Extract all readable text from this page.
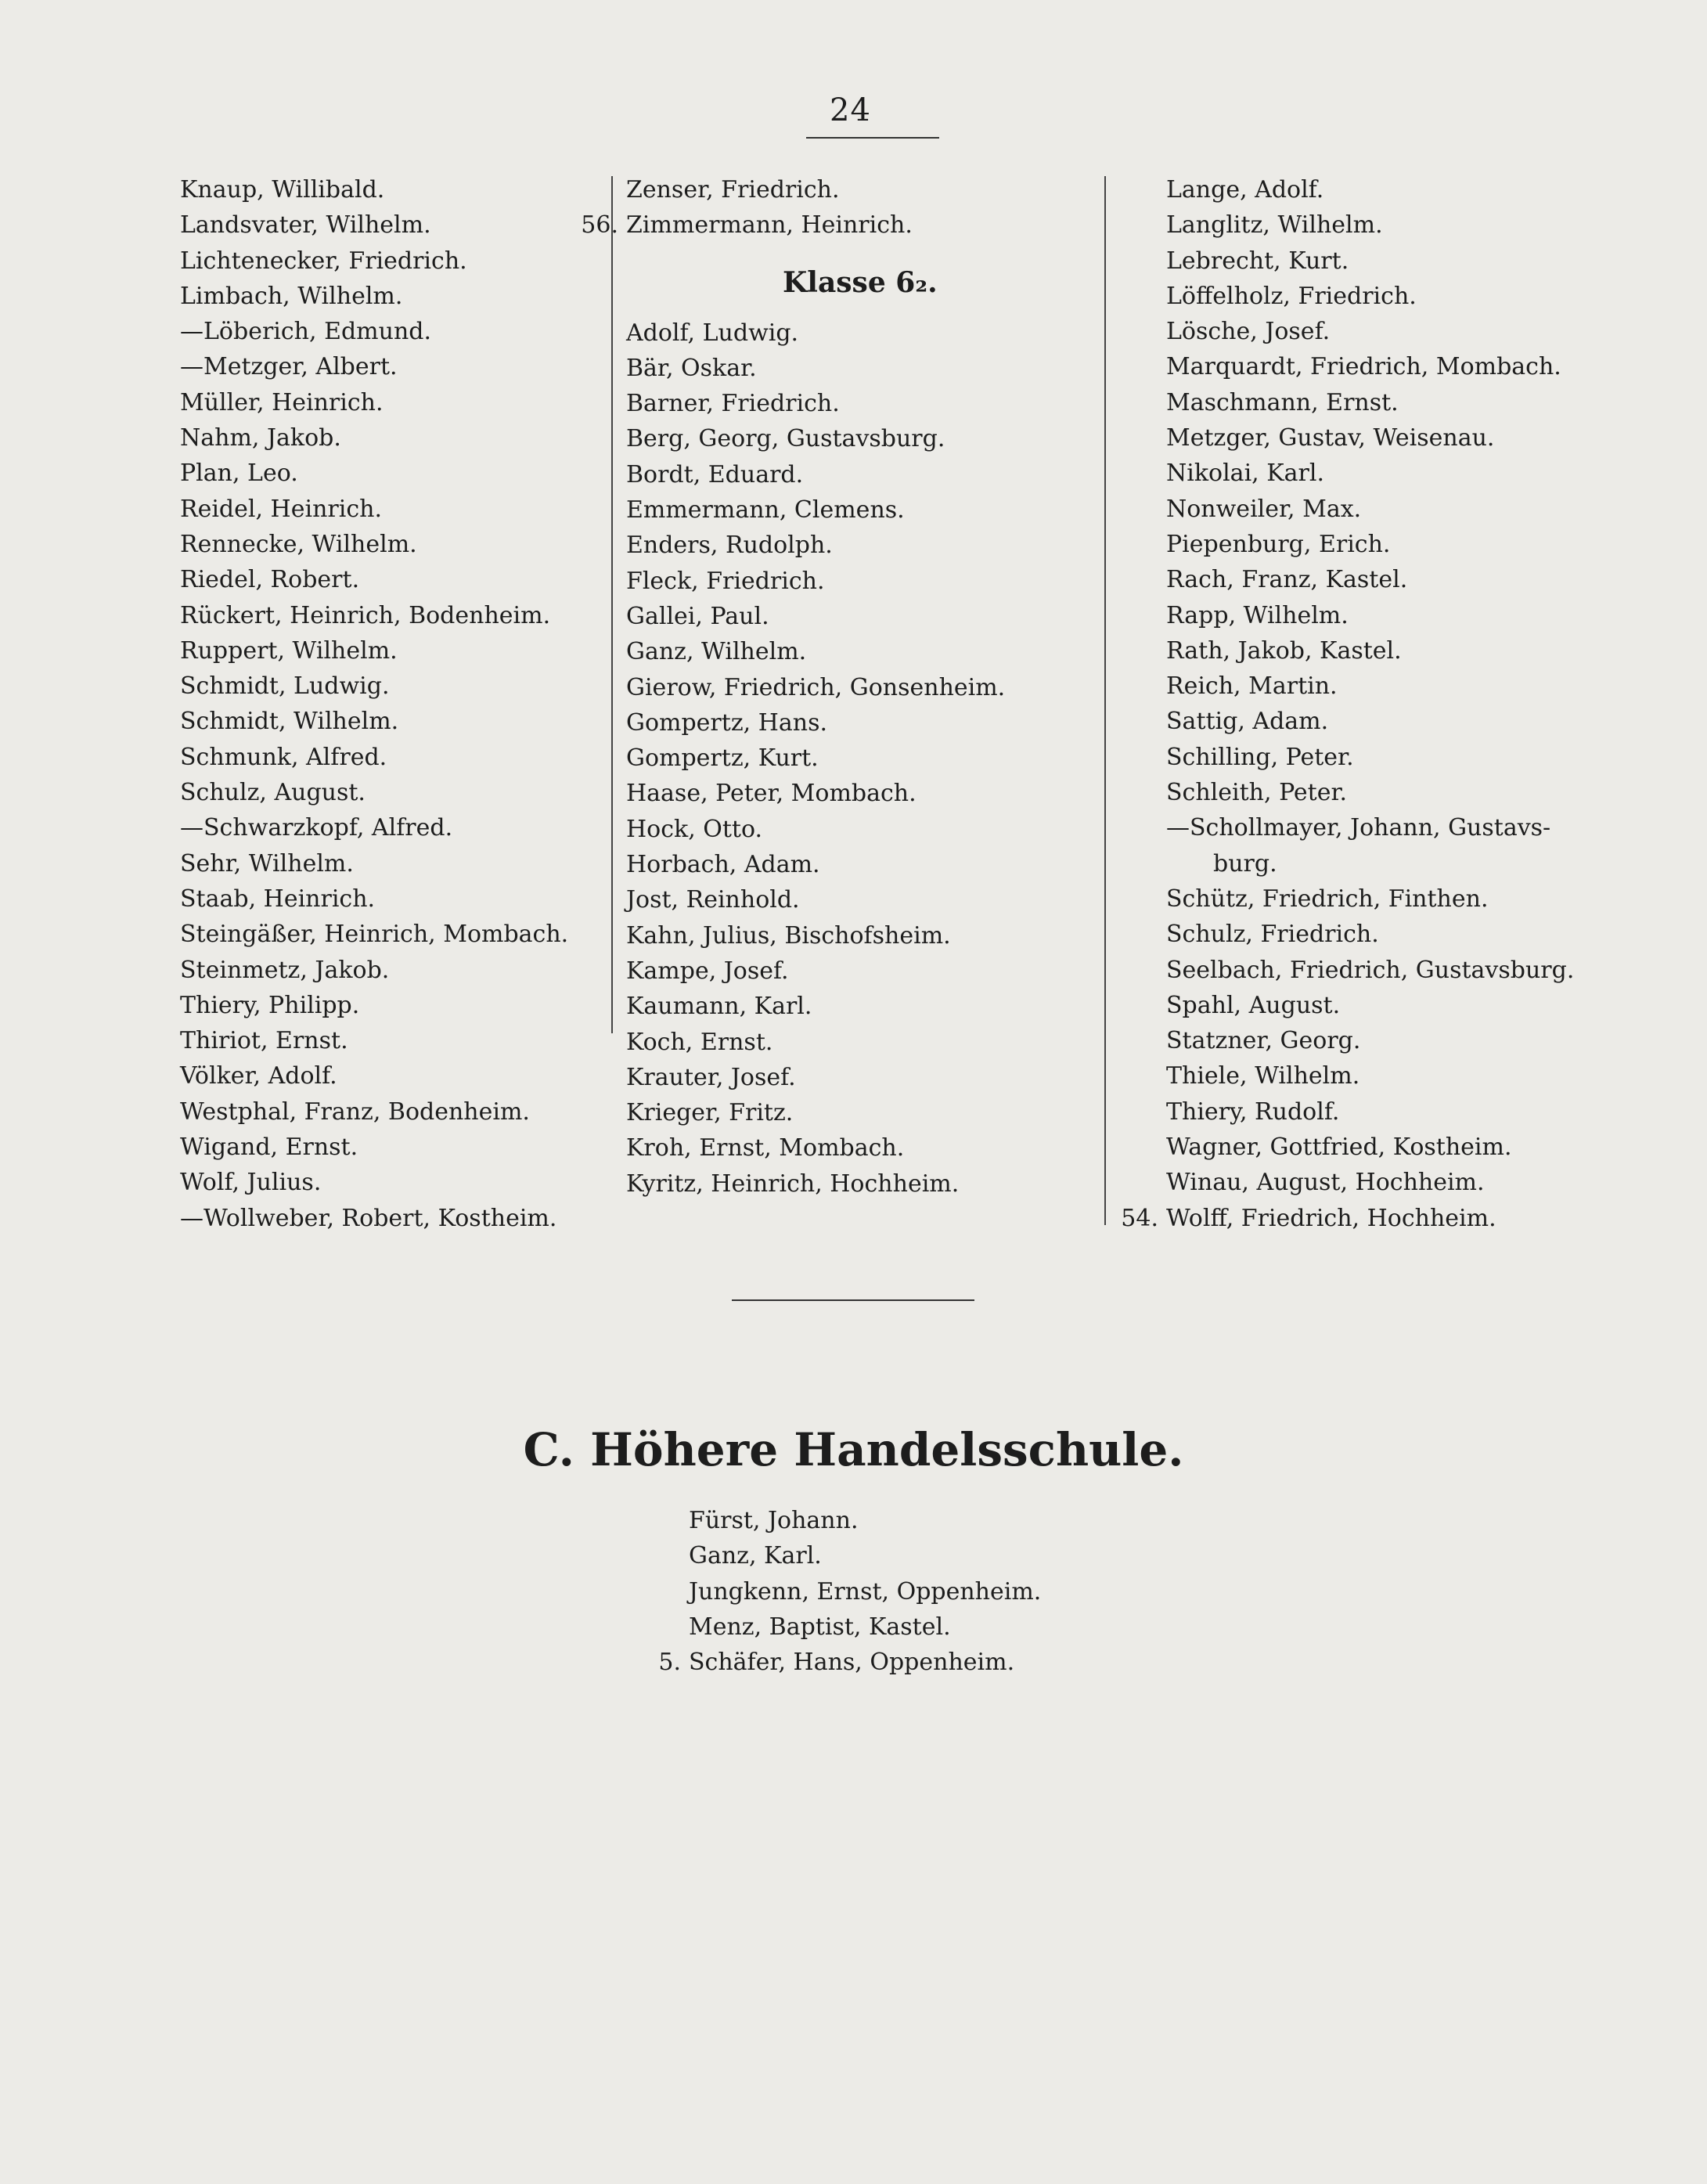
24
Knaup, Willibald.
Landsvater, Wilhelm.
Lichtenecker, Friedrich.
Limbach, Wilhelm.
—Löberich, Edmund.
—Metzger, Albert.
Müller, Heinrich.
Nahm, Jakob.
Plan, Leo.
Reidel, Heinrich.
Rennecke, Wilhelm.
Riedel, Robert.
Rückert, Heinrich, Bodenheim.
Ruppert, Wilhelm.
Schmidt, Ludwig.
Schmidt, Wilhelm.
Schmunk, Alfred.
Schulz, August.
—Schwarzkopf, Alfred.
Sehr, Wilhelm.
Staab, Heinrich.
Steingäßer, Heinrich, Mombach.
Steinmetz, Jakob.
Thiery, Philipp.
Thiriot, Ernst.
Völker, Adolf.
Westphal, Franz, Bodenheim.
Wigand, Ernst.
Wolf, Julius.
—Wollweber, Robert, Kostheim.
Zenser, Friedrich.
56. Zimmermann, Heinrich.
Klasse 6₂.
Adolf, Ludwig.
Bär, Oskar.
Barner, Friedrich.
Berg, Georg, Gustavsburg.
Bordt, Eduard.
Emmermann, Clemens.
Enders, Rudolph.
Fleck, Friedrich.
Gallei, Paul.
Ganz, Wilhelm.
Gierow, Friedrich, Gonsenheim.
Gompertz, Hans.
Gompertz, Kurt.
Haase, Peter, Mombach.
Hock, Otto.
Horbach, Adam.
Jost, Reinhold.
Kahn, Julius, Bischofsheim.
Kampe, Josef.
Kaumann, Karl.
Koch, Ernst.
Krauter, Josef.
Krieger, Fritz.
Kroh, Ernst, Mombach.
Kyritz, Heinrich, Hochheim.
Lange, Adolf.
Langlitz, Wilhelm.
Lebrecht, Kurt.
Löffelholz, Friedrich.
Lösche, Josef.
Marquardt, Friedrich, Mombach.
Maschmann, Ernst.
Metzger, Gustav, Weisenau.
Nikolai, Karl.
Nonweiler, Max.
Piepenburg, Erich.
Rach, Franz, Kastel.
Rapp, Wilhelm.
Rath, Jakob, Kastel.
Reich, Martin.
Sattig, Adam.
Schilling, Peter.
Schleith, Peter.
—Schollmayer, Johann, Gustavs-
burg.
Schütz, Friedrich, Finthen.
Schulz, Friedrich.
Seelbach, Friedrich, Gustavsburg.
Spahl, August.
Statzner, Georg.
Thiele, Wilhelm.
Thiery, Rudolf.
Wagner, Gottfried, Kostheim.
Winau, August, Hochheim.
54. Wolff, Friedrich, Hochheim.
C. Höhere Handelsschule.
Fürst, Johann.
Ganz, Karl.
Jungkenn, Ernst, Oppenheim.
Menz, Baptist, Kastel.
5. Schäfer, Hans, Oppenheim.
